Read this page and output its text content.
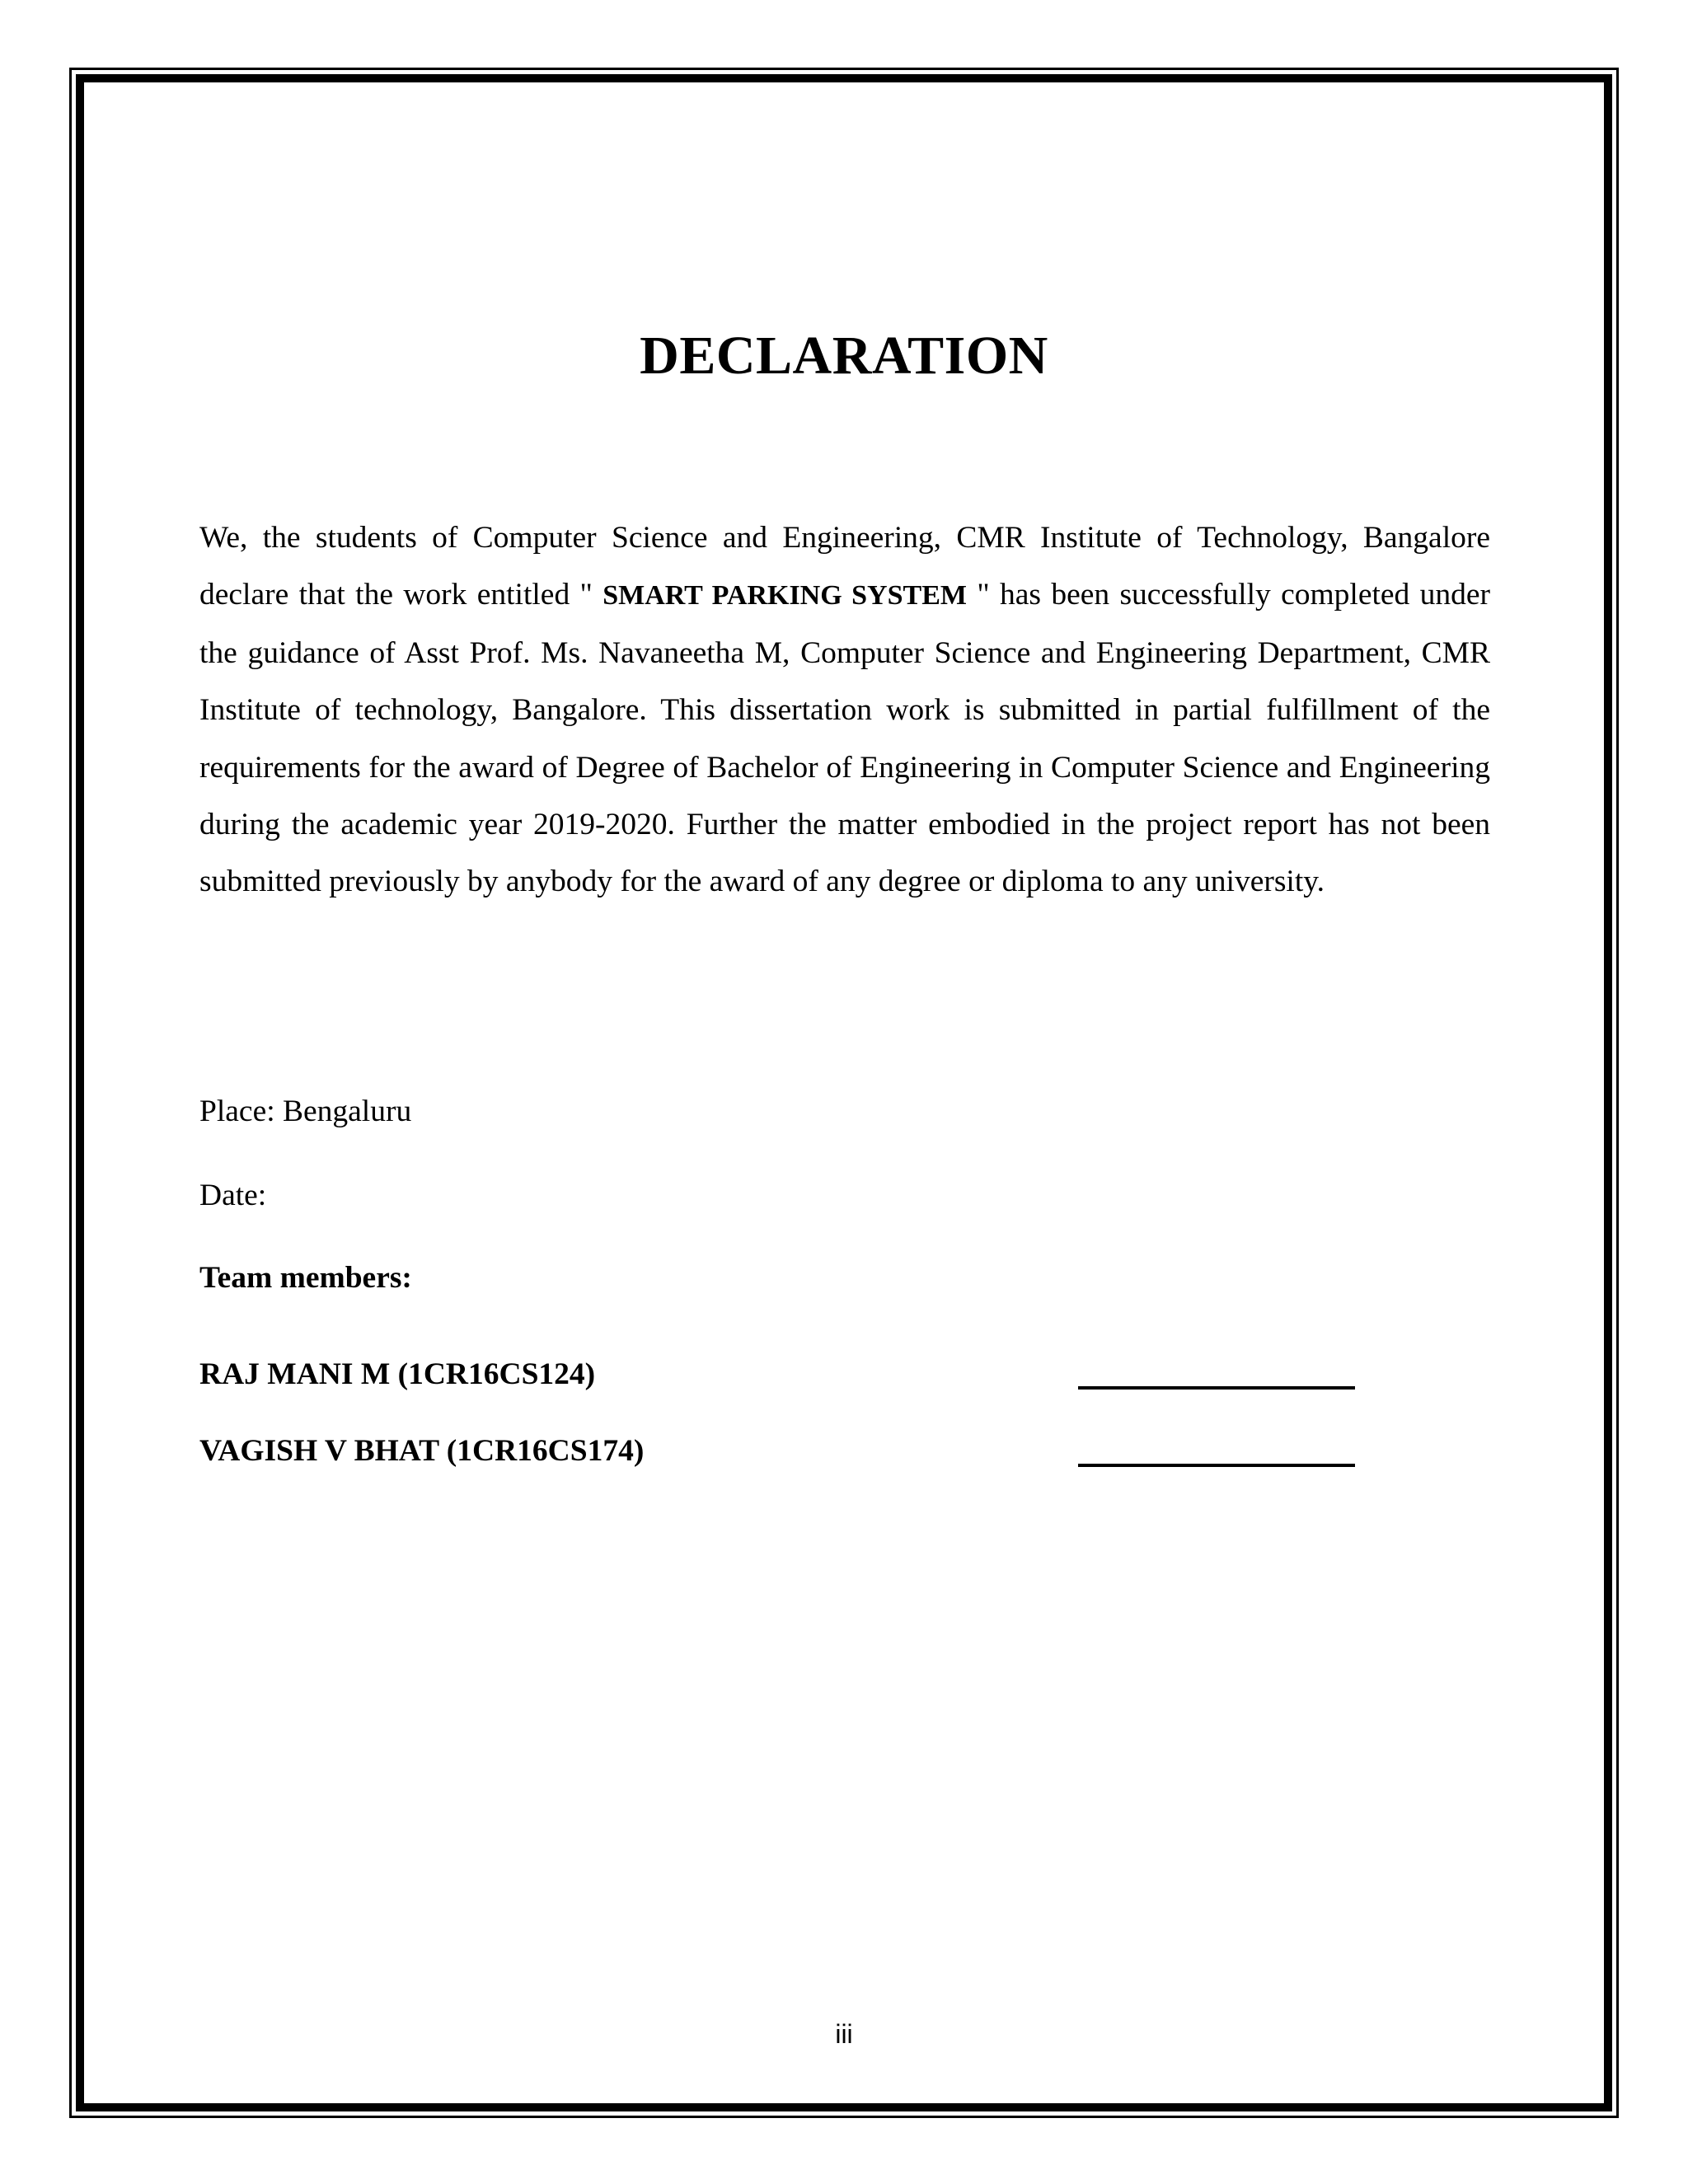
DECLARATION
We, the students of Computer Science and Engineering, CMR Institute of Technology, Bangalore declare that the work entitled " SMART PARKING SYSTEM " has been successfully completed under the guidance of Asst Prof. Ms. Navaneetha M, Computer Science and Engineering Department, CMR Institute of technology, Bangalore. This dissertation work is submitted in partial fulfillment of the requirements for the award of Degree of Bachelor of Engineering in Computer Science and Engineering during the academic year 2019-2020. Further the matter embodied in the project report has not been submitted previously by anybody for the award of any degree or diploma to any university.
Place: Bengaluru
Date:
Team members:
RAJ MANI M (1CR16CS124)
VAGISH V BHAT (1CR16CS174)
iii
